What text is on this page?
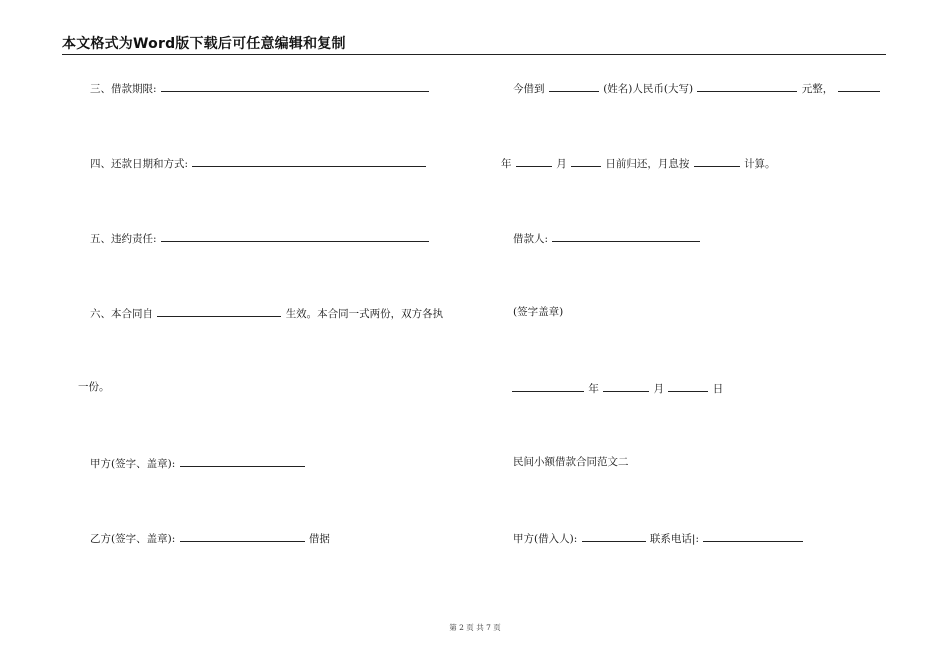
本文格式为Word版下载后可任意编辑和复制
三、借款期限:
四、还款日期和方式:
五、违约责任:
六、本合同自	生效。本合同一式两份，双方各执
一份。
甲方(签字、盖章):
乙方(签字、盖章):	借据
今借到	(姓名)人民币(大写)	元整，
年	月	日前归还，月息按	计算。
借款人:
(签字盖章)
年	月	日
民间小额借款合同范文二
甲方(借入人):	联系电话|:
第 2 页 共 7 页
